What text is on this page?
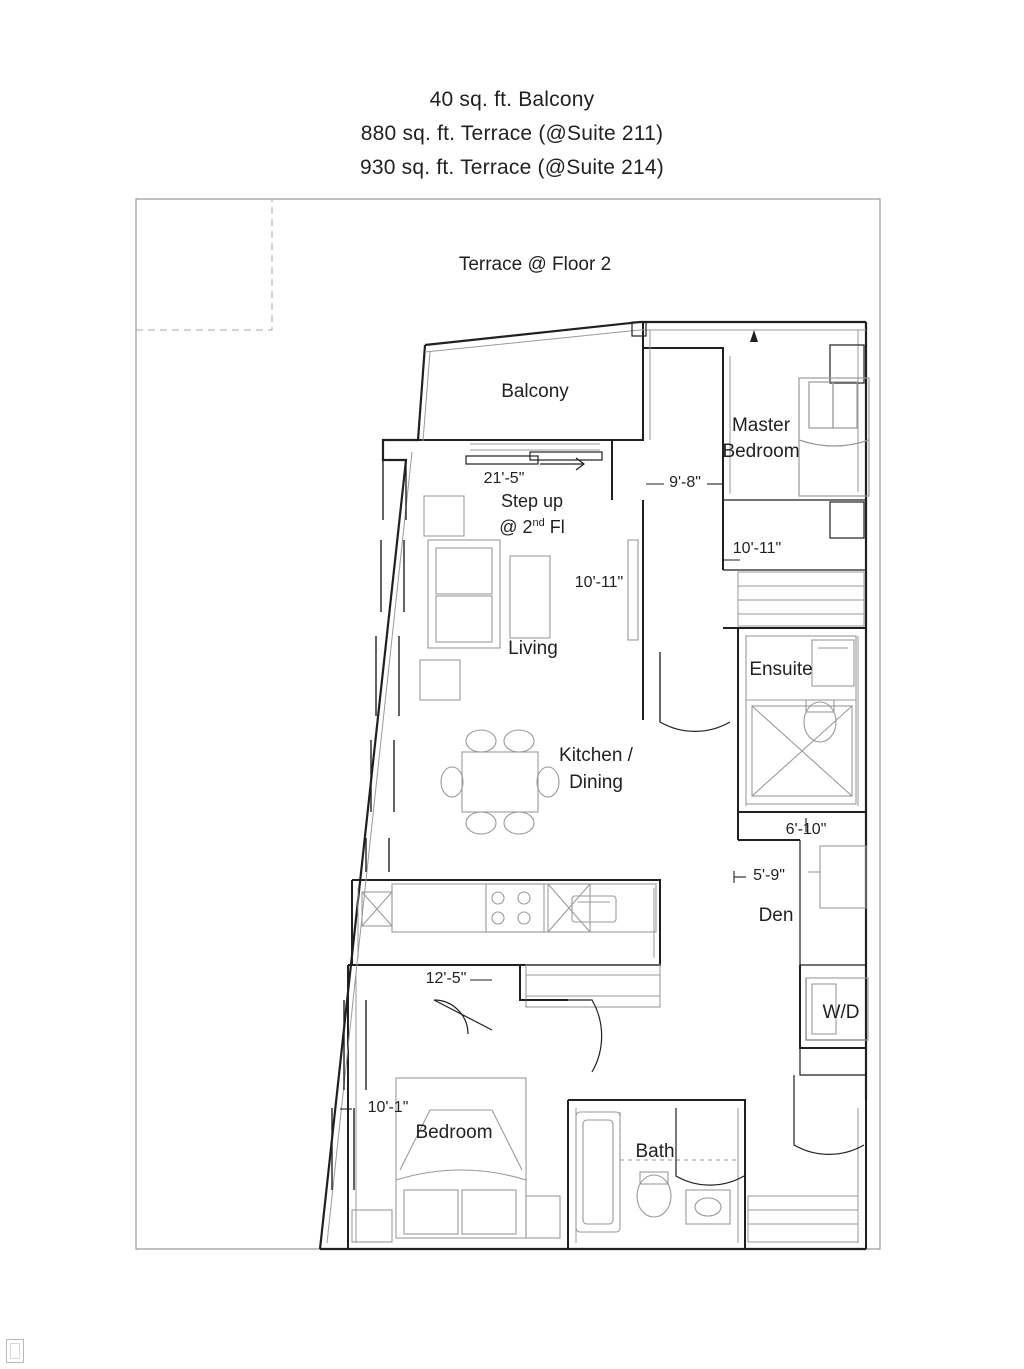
40 sq. ft. Balcony
880 sq. ft. Terrace (@Suite 211)
930 sq. ft. Terrace (@Suite 214)
Terrace @ Floor 2
Balcony
Master
Bedroom
Living
Kitchen /
Dining
Ensuite
Den
W/D
Bedroom
Bath
Step up
@ 2nd Fl
21'-5"	9'-8"
10'-11"
10'-11"
6'-10"
5'-9"
12'-5"
10'-1"
